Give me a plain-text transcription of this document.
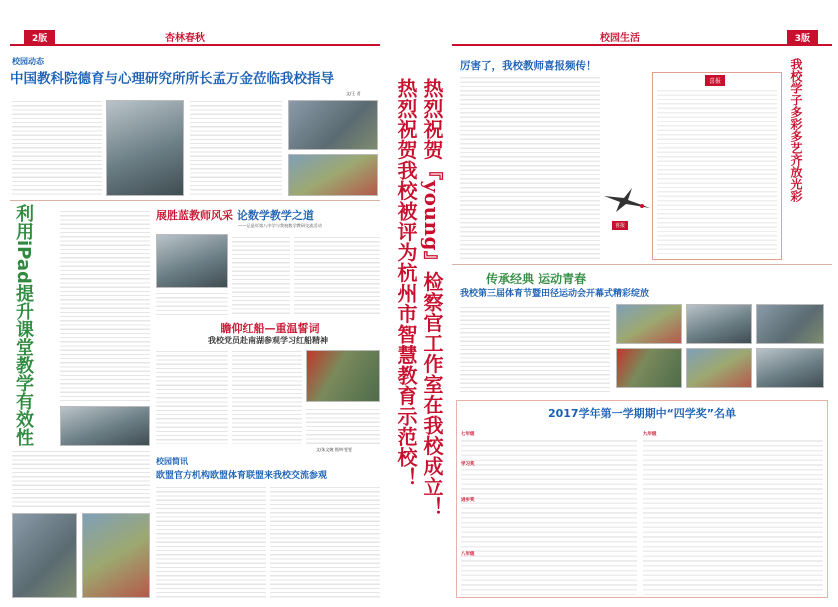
2版	杏林春秋
校园动态
中国教科院德育与心理研究所所长孟万金莅临我校指导
文/王 君
利用iPad提升课堂教学有效性	展胜蓝教师风采 论数学教学之道
——记是年第八中学与我校数学教研交流活动
瞻仰红船—重温誓词
我校党员赴南湖参观学习红船精神
文/朱文婉 图/叶雯雯
校园简讯
欧盟官方机构欧盟体育联盟来我校交流参观	热烈祝贺『young』检察官工作室在我校成立！
热烈祝贺我校被评为杭州市智慧教育示范校！
校园生活	3版
厉害了，我校教师喜报频传！
喜报
喜报	我校学子多彩多艺齐放光彩
传承经典 运动青春
我校第三届体育节暨田径运动会开幕式精彩绽放
2017学年第一学期期中“四学奖”名单
七年级
学习奖
进步奖
八年级
九年级
